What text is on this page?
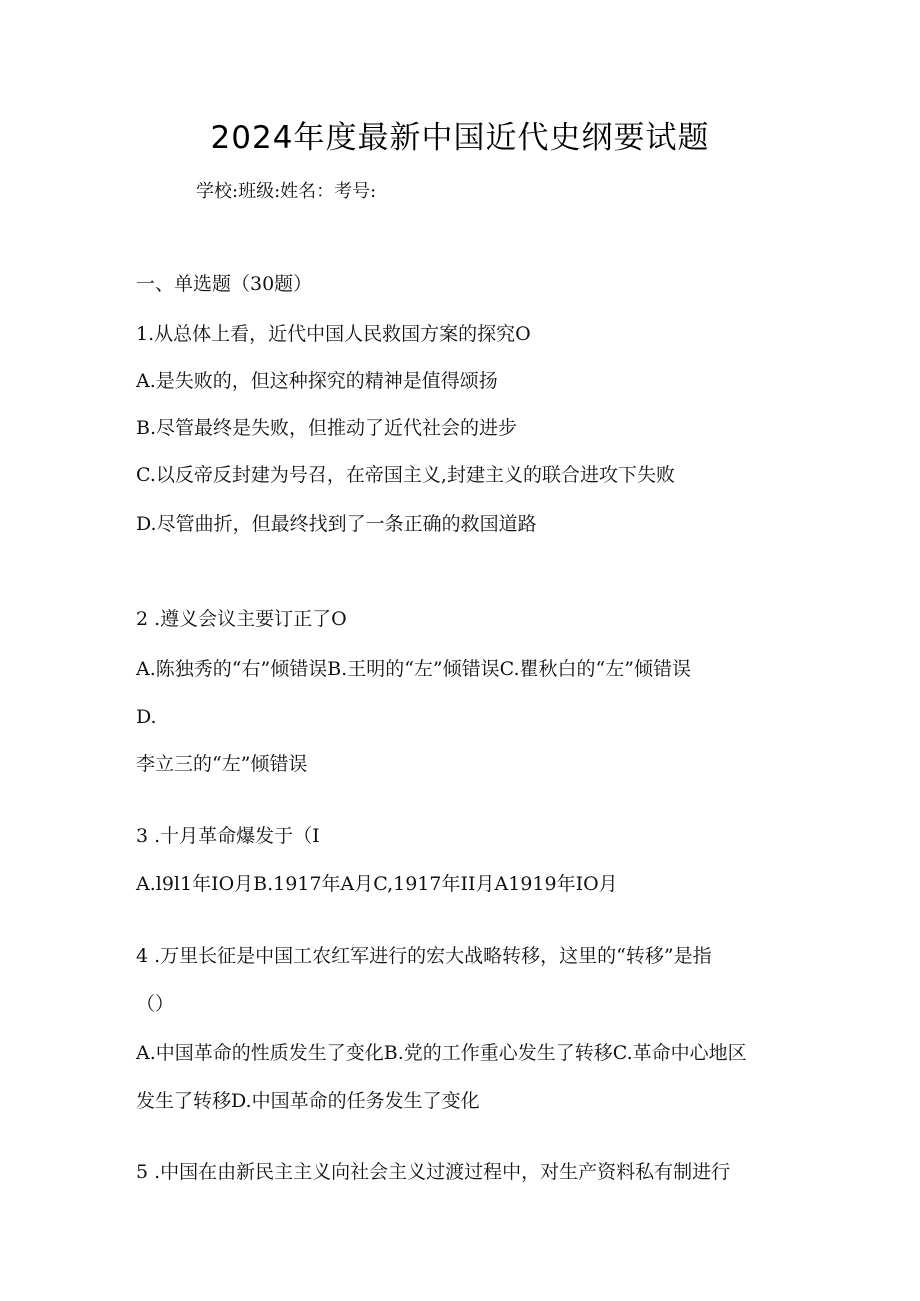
2024年度最新中国近代史纲要试题
学校:班级:姓名：考号:
一、单选题（30题）
1.从总体上看，近代中国人民救国方案的探究O
A.是失败的，但这种探究的精神是值得颂扬
B.尽管最终是失败，但推动了近代社会的进步
C.以反帝反封建为号召，在帝国主义,封建主义的联合进攻下失败
D.尽管曲折，但最终找到了一条正确的救国道路
2 .遵义会议主要订正了O
A.陈独秀的“右”倾错误B.王明的“左”倾错误C.瞿秋白的“左”倾错误
D.
李立三的“左”倾错误
3 .十月革命爆发于（I
A.l9l1年IO月B.1917年A月C,1917年II月A1919年IO月
4 .万里长征是中国工农红军进行的宏大战略转移，这里的“转移”是指
（）
A.中国革命的性质发生了变化B.党的工作重心发生了转移C.革命中心地区
发生了转移D.中国革命的任务发生了变化
5 .中国在由新民主主义向社会主义过渡过程中，对生产资料私有制进行
